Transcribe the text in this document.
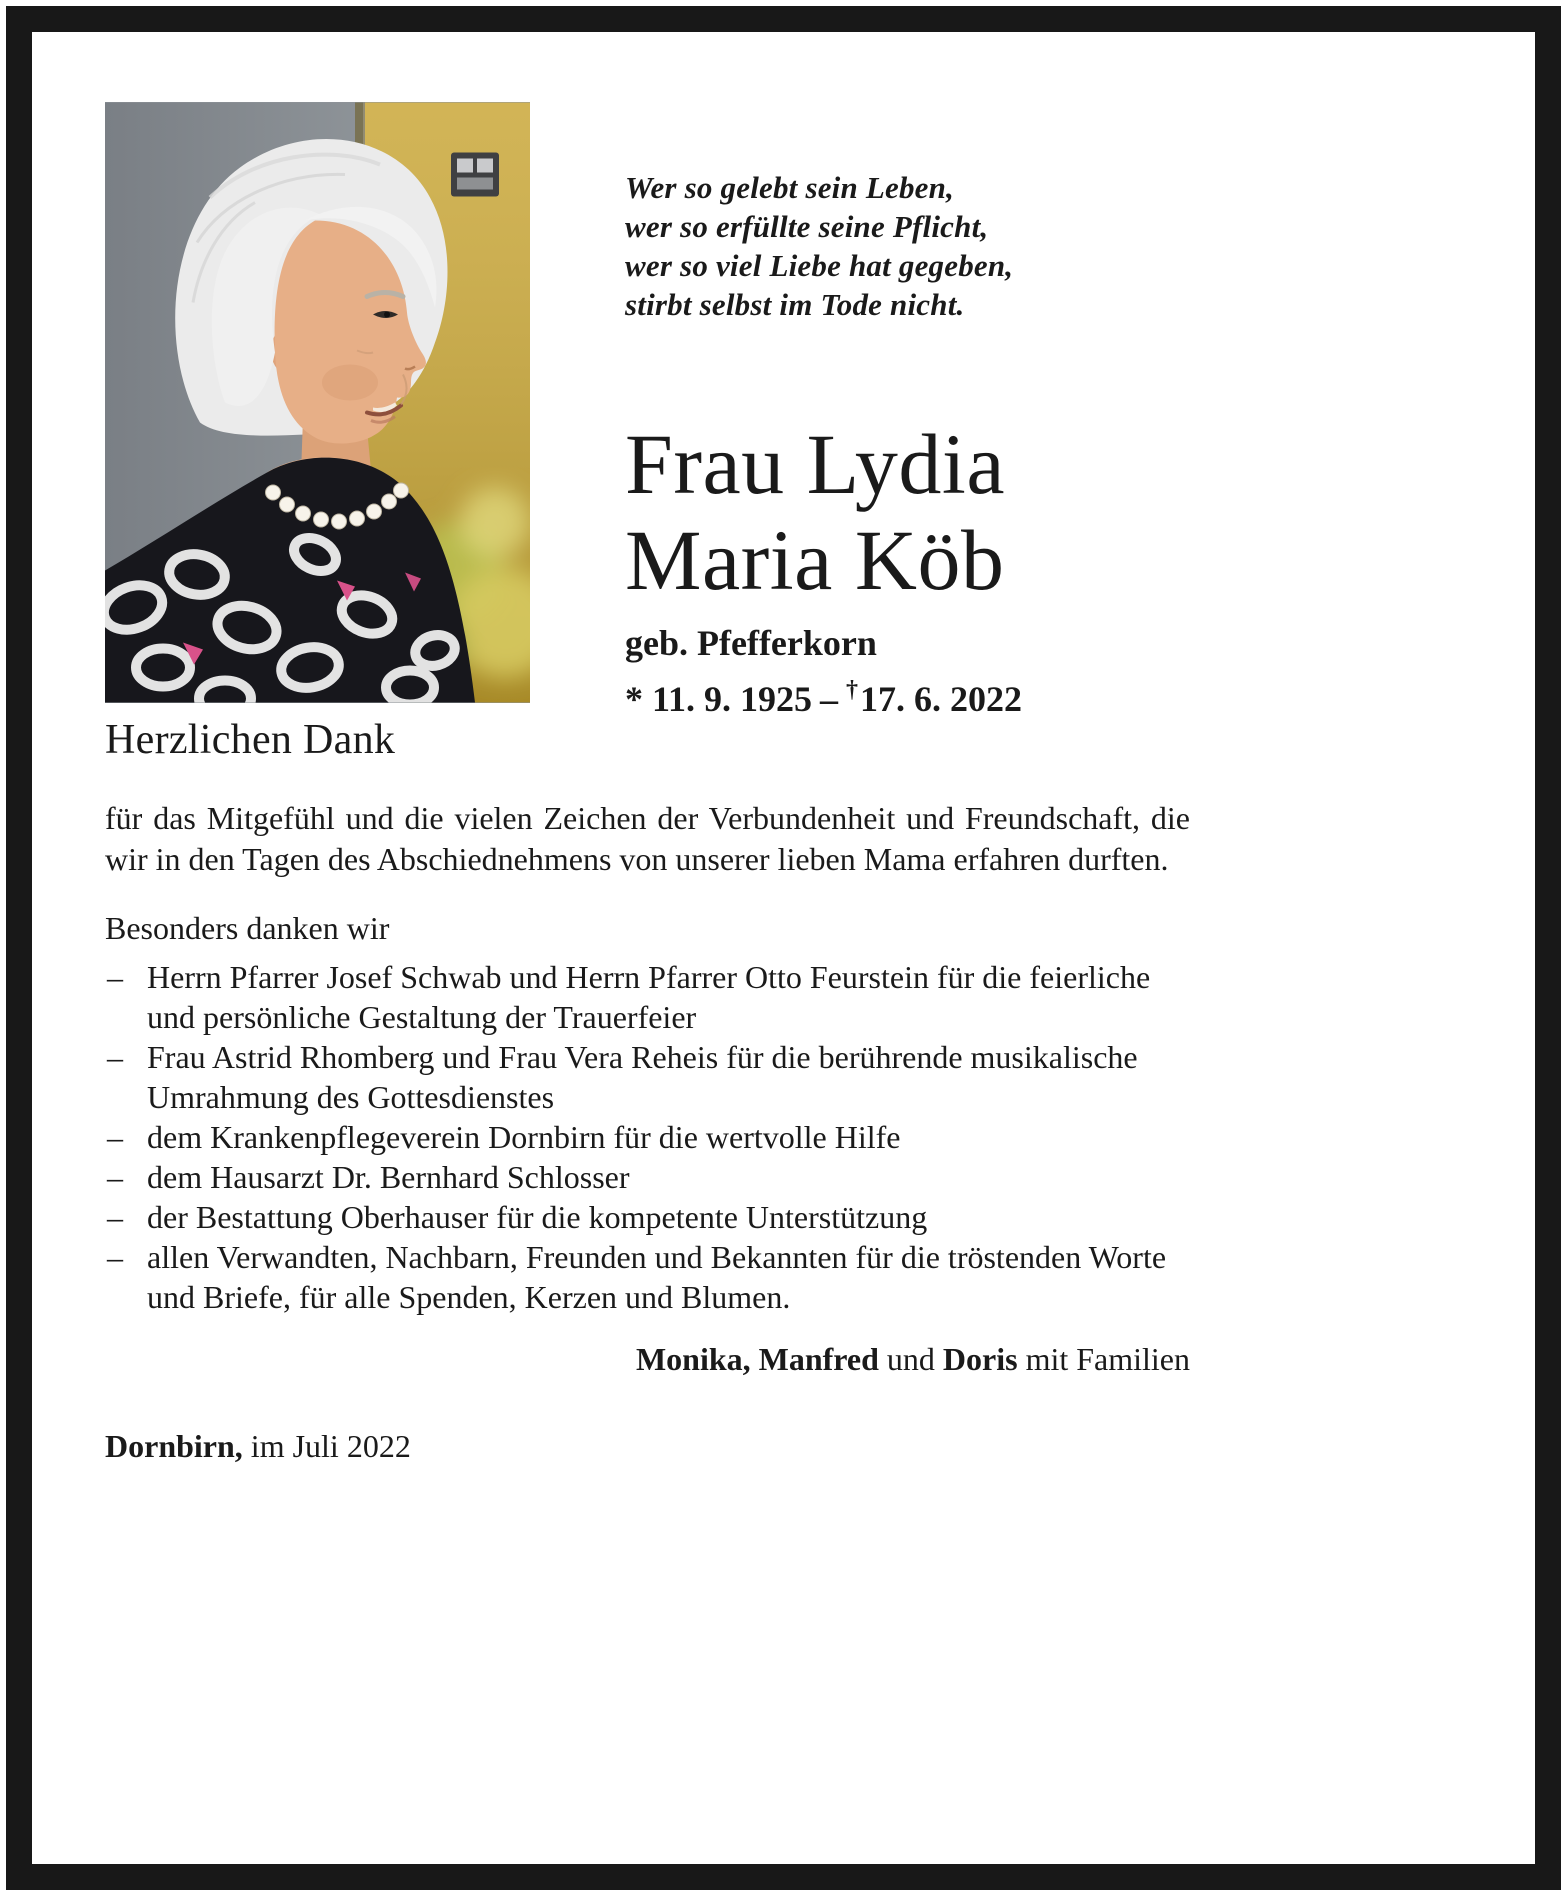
Wer so gelebt sein Leben,
wer so erfüllte seine Pflicht,
wer so viel Liebe hat gegeben,
stirbt selbst im Tode nicht.
Frau Lydia
Maria Köb
geb. Pfefferkorn
* 11. 9. 1925 – †17. 6. 2022
Herzlichen Dank

für das Mitgefühl und die vielen Zeichen der Verbundenheit und Freundschaft, die wir in den Tagen des Abschiednehmens von unserer lieben Mama erfahren durften.

Besonders danken wir

– Herrn Pfarrer Josef Schwab und Herrn Pfarrer Otto Feurstein für die feierliche und persönliche Gestaltung der Trauerfeier
– Frau Astrid Rhomberg und Frau Vera Reheis für die berührende musikalische Umrahmung des Gottesdienstes
– dem Krankenpflegeverein Dornbirn für die wertvolle Hilfe
– dem Hausarzt Dr. Bernhard Schlosser
– der Bestattung Oberhauser für die kompetente Unterstützung
– allen Verwandten, Nachbarn, Freunden und Bekannten für die tröstenden Worte und Briefe, für alle Spenden, Kerzen und Blumen.

Monika, Manfred und Doris mit Familien

Dornbirn, im Juli 2022
